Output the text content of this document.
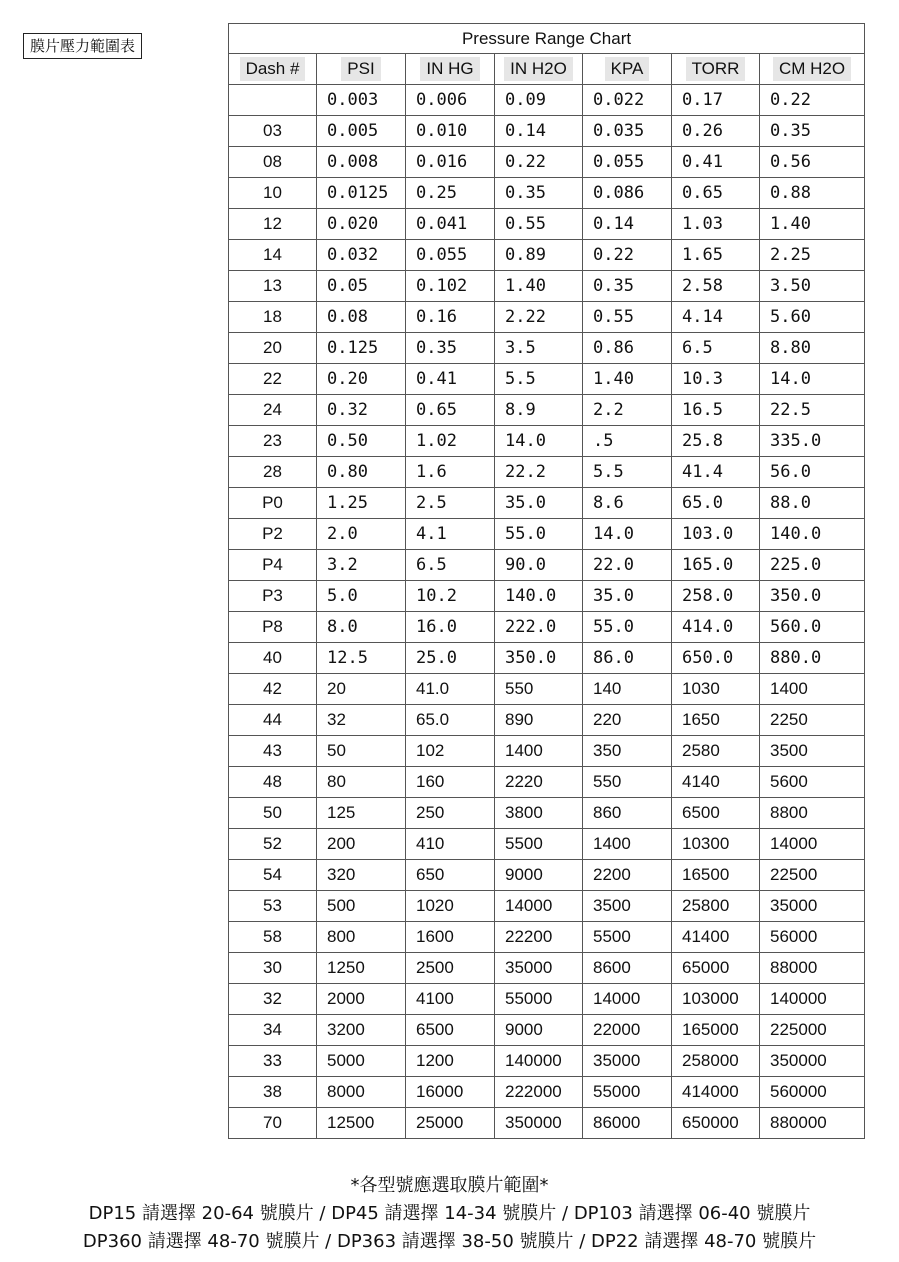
膜片壓力範圍表	Pressure Range Chart						
Dash #	PSI	IN HG	IN H2O	KPA	TORR	CM H2O
	0.003	0.006	0.09	0.022	0.17	0.22
03	0.005	0.010	0.14	0.035	0.26	0.35
08	0.008	0.016	0.22	0.055	0.41	0.56
10	0.0125	0.25	0.35	0.086	0.65	0.88
12	0.020	0.041	0.55	0.14	1.03	1.40
14	0.032	0.055	0.89	0.22	1.65	2.25
13	0.05	0.102	1.40	0.35	2.58	3.50
18	0.08	0.16	2.22	0.55	4.14	5.60
20	0.125	0.35	3.5	0.86	6.5	8.80
22	0.20	0.41	5.5	1.40	10.3	14.0
24	0.32	0.65	8.9	2.2	16.5	22.5
23	0.50	1.02	14.0	.5	25.8	335.0
28	0.80	1.6	22.2	5.5	41.4	56.0
P0	1.25	2.5	35.0	8.6	65.0	88.0
P2	2.0	4.1	55.0	14.0	103.0	140.0
P4	3.2	6.5	90.0	22.0	165.0	225.0
P3	5.0	10.2	140.0	35.0	258.0	350.0
P8	8.0	16.0	222.0	55.0	414.0	560.0
40	12.5	25.0	350.0	86.0	650.0	880.0
42	20	41.0	550	140	1030	1400
44	32	65.0	890	220	1650	2250
43	50	102	1400	350	2580	3500
48	80	160	2220	550	4140	5600
50	125	250	3800	860	6500	8800
52	200	410	5500	1400	10300	14000
54	320	650	9000	2200	16500	22500
53	500	1020	14000	3500	25800	35000
58	800	1600	22200	5500	41400	56000
30	1250	2500	35000	8600	65000	88000
32	2000	4100	55000	14000	103000	140000
34	3200	6500	9000	22000	165000	225000
33	5000	1200	140000	35000	258000	350000
38	8000	16000	222000	55000	414000	560000
70	12500	25000	350000	86000	650000	880000
*各型號應選取膜片範圍*
DP15 請選擇 20-64 號膜片 / DP45 請選擇 14-34 號膜片 / DP103 請選擇 06-40 號膜片
DP360 請選擇 48-70 號膜片 / DP363 請選擇 38-50 號膜片 / DP22 請選擇 48-70 號膜片
